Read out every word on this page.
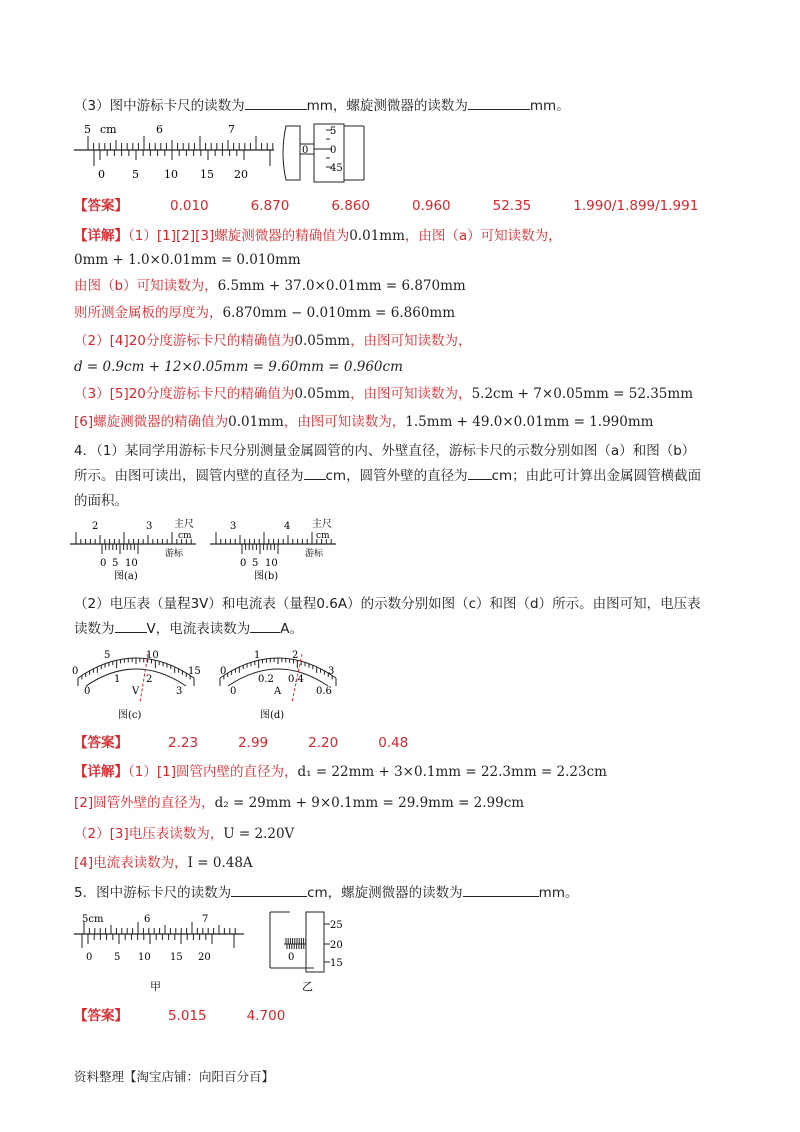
（3）图中游标卡尺的读数为	mm，螺旋测微器的读数为	mm。
5 cm	6	7
0 5 10 15 20
5
0
45
0
【答案】	0.010	6.870	6.860	0.960	52.35	1.990/1.899/1.991
【详解】（1）[1][2][3]螺旋测微器的精确值为0.01mm，由图（a）可知读数为，
0mm + 1.0×0.01mm = 0.010mm
由图（b）可知读数为，6.5mm + 37.0×0.01mm = 6.870mm
则所测金属板的厚度为，6.870mm − 0.010mm = 6.860mm
（2）[4]20分度游标卡尺的精确值为0.05mm，由图可知读数为，
d = 0.9cm + 12×0.05mm = 9.60mm = 0.960cm
（3）[5]20分度游标卡尺的精确值为0.05mm，由图可知读数为，5.2cm + 7×0.05mm = 52.35mm
[6]螺旋测微器的精确值为0.01mm，由图可知读数为，1.5mm + 49.0×0.01mm = 1.990mm
4．（1）某同学用游标卡尺分别测量金属圆管的内、外壁直径，游标卡尺的示数分别如图（a）和图（b）
所示。由图可读出，圆管内壁的直径为 cm，圆管外壁的直径为 cm；由此可计算出金属圆管横截面
的面积。
2	3 主尺
cm
0 5 10
游标
图(a)
3	4 主尺
cm
0 5 10
游标
图(b)
（2）电压表（量程3V）和电流表（量程0.6A）的示数分别如图（c）和图（d）所示。由图可知，电压表
读数为 V，电流表读数为 A。
0
5	10
15
0
1	2
3
V
图(c)
0
1	2
3
0
0.2 0.4
0.6
A
图(d)
【答案】	2.23	2.99	2.20	0.48
【详解】（1）[1]圆管内壁的直径为，d₁ = 22mm + 3×0.1mm = 22.3mm = 2.23cm
[2]圆管外壁的直径为，d₂ = 29mm + 9×0.1mm = 29.9mm = 2.99cm
（2）[3]电压表读数为，U = 2.20V
[4]电流表读数为，I = 0.48A
5．图中游标卡尺的读数为	cm，螺旋测微器的读数为	mm。
5cm	6	7
0 5 10 15 20
甲
25
20
15
0
乙
【答案】	5.015	4.700
资料整理【淘宝店铺：向阳百分百】
